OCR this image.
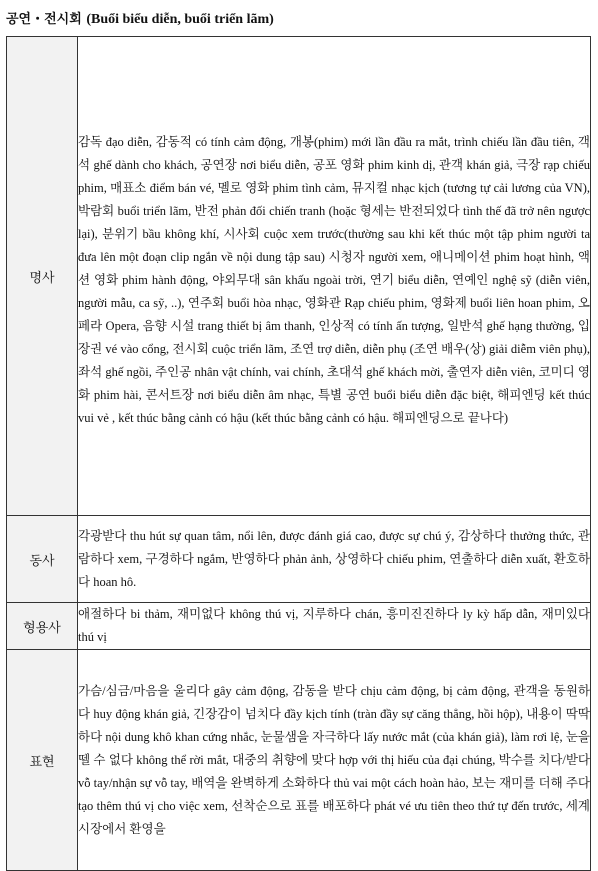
공연・전시회 (Buổi biểu diễn, buổi triển lãm)
명사	감독 đạo diễn, 감동적 có tính cảm động, 개봉(phim) mới lần đầu ra mắt, trình chiếu lần đầu tiên, 객석 ghế dành cho khách, 공연장 nơi biểu diễn, 공포 영화 phim kinh dị, 관객 khán giả, 극장 rạp chiếu phim, 매표소 điểm bán vé, 멜로 영화 phim tình cảm, 뮤지컬 nhạc kịch (tương tự cải lương của VN), 박람회 buổi triển lãm, 반전 phản đối chiến tranh (hoặc 형세는 반전되었다 tình thế đã trở nên ngược lại), 분위기 bầu không khí, 시사회 cuộc xem trước(thường sau khi kết thúc một tập phim người ta đưa lên một đoạn clip ngắn về nội dung tập sau) 시청자 người xem, 애니메이션 phim hoạt hình, 액션 영화 phim hành động, 야외무대 sân khấu ngoài trời, 연기 biểu diễn, 연예인 nghệ sỹ (diễn viên, người mẫu, ca sỹ, ..), 연주회 buổi hòa nhạc, 영화관 Rạp chiếu phim, 영화제 buổi liên hoan phim, 오페라 Opera, 음향 시설 trang thiết bị âm thanh, 인상적 có tính ấn tượng, 일반석 ghế hạng thường, 입장권 vé vào cổng, 전시회 cuộc triển lãm, 조연 trợ diễn, diễn phụ (조연 배우(상) giải diễm viên phụ), 좌석 ghế ngồi, 주인공 nhân vật chính, vai chính, 초대석 ghế khách mời, 출연자 diễn viên, 코미디 영화 phim hài, 콘서트장 nơi biểu diễn âm nhạc, 특별 공연 buổi biểu diễn đặc biệt, 해피엔딩 kết thúc vui vẻ , kết thúc bằng cảnh có hậu (kết thúc bằng cảnh có hậu. 해피엔딩으로 끝나다)
동사	각광받다 thu hút sự quan tâm, nổi lên, được đánh giá cao, được sự chú ý, 감상하다 thưởng thức, 관람하다 xem, 구경하다 ngắm, 반영하다 phản ảnh, 상영하다 chiếu phim, 연출하다 diễn xuất, 환호하다 hoan hô.
형용사	애절하다 bi thảm, 재미없다 không thú vị, 지루하다 chán, 흥미진진하다 ly kỳ hấp dẫn, 재미있다 thú vị
표현	가슴/심금/마음을 울리다 gây cảm động, 감동을 받다 chịu cảm động, bị cảm động, 관객을 동원하다 huy động khán giả, 긴장감이 넘치다 đầy kịch tính (tràn đầy sự căng thẳng, hồi hộp), 내용이 딱딱하다 nội dung khô khan cứng nhắc, 눈물샘을 자극하다 lấy nước mắt (của khán giả), làm rơi lệ, 눈을 뗄 수 없다 không thể rời mắt, 대중의 취향에 맞다 hợp với thị hiếu của đại chúng, 박수를 치다/받다 vỗ tay/nhận sự vỗ tay, 배역을 완벽하게 소화하다 thủ vai một cách hoàn hảo, 보는 재미를 더해 주다 tạo thêm thú vị cho việc xem, 선착순으로 표를 배포하다 phát vé ưu tiên theo thứ tự đến trước, 세계 시장에서 환영을
